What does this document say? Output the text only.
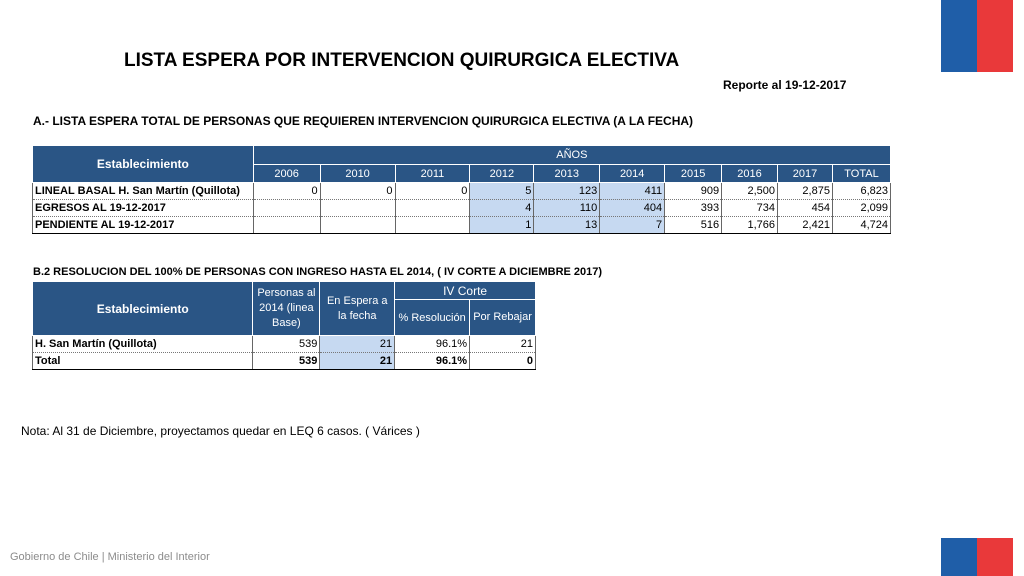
LISTA ESPERA POR INTERVENCION QUIRURGICA ELECTIVA
Reporte al 19-12-2017
A.- LISTA ESPERA TOTAL DE PERSONAS QUE REQUIEREN INTERVENCION QUIRURGICA ELECTIVA (A LA FECHA)
Establecimiento	AÑOS									
	2006	2010	2011	2012	2013	2014	2015	2016	2017	TOTAL
LINEAL BASAL H. San Martín (Quillota)	0	0	0	5	123	411	909	2,500	2,875	6,823
EGRESOS AL 19-12-2017				4	110	404	393	734	454	2,099
PENDIENTE AL 19-12-2017				1	13	7	516	1,766	2,421	4,724
B.2 RESOLUCION DEL 100% DE PERSONAS CON INGRESO HASTA EL 2014, ( IV CORTE A DICIEMBRE 2017)
Establecimiento	Personas al 2014 (linea Base)	En Espera a la fecha	IV Corte	
			% Resolución	Por Rebajar
H. San Martín (Quillota)	539	21	96.1%	21
Total	539	21	96.1%	0
Nota: Al 31 de Diciembre, proyectamos quedar en LEQ 6 casos. ( Várices )
Gobierno de Chile | Ministerio del Interior
